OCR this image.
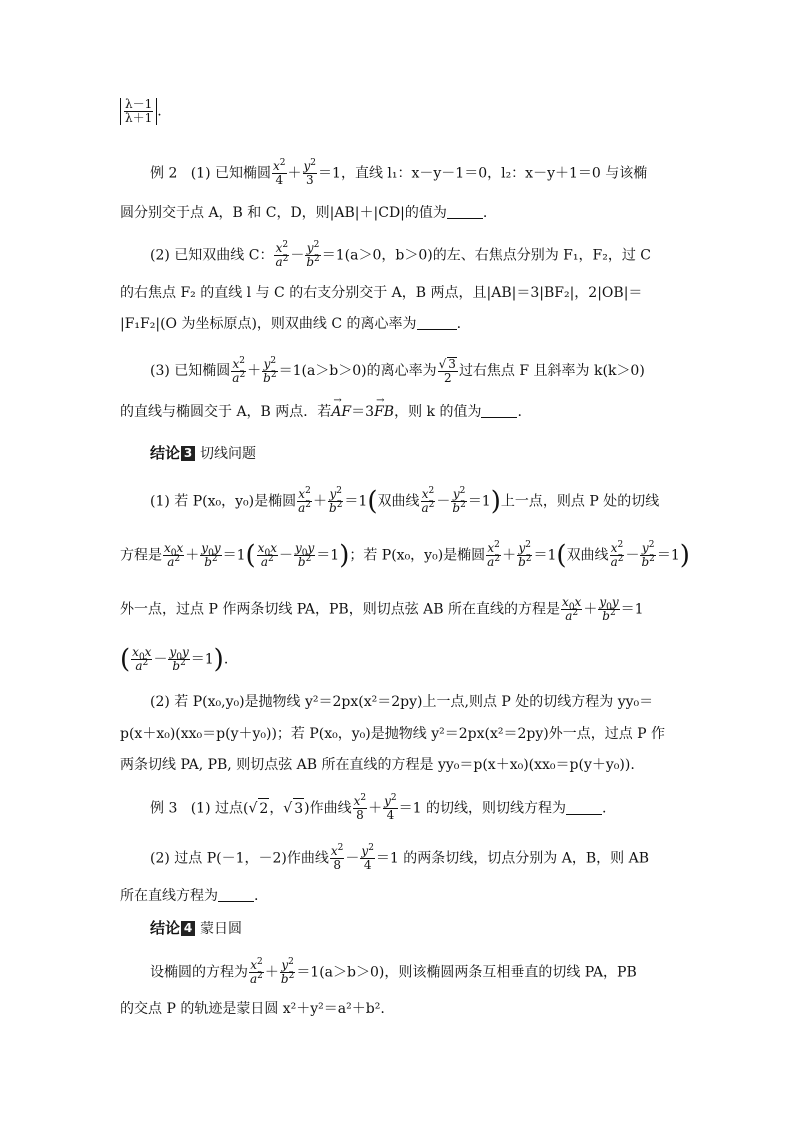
$\frac{\lambda-1}{\lambda+1}$ .
例 2 (1) 已知椭圆 $\frac{x^2}{4} + \frac{y^2}{3} =1$，直线 l₁：x－y－1＝0，l₂：x－y＋1＝0 与该椭
圆分别交于点 A，B 和 C，D，则|AB|＋|CD|的值为	.
(2) 已知双曲线 C： $\frac{x^2}{a^2} - \frac{y^2}{b^2} =1(a>0$，b＞0)的左、右焦点分别为 F₁，F₂，过 C
的右焦点 F₂ 的直线 l 与 C 的右支分别交于 A，B 两点，且|AB|＝3|BF₂|，2|OB|＝
|F₁F₂|(O 为坐标原点)，则双曲线 C 的离心率为	.
(3) 已知椭圆 $\frac{x^2}{a^2} + \frac{y^2}{b^2} =1(a>b>0)$的离心率为 $\frac{√ 3}{2}$ 过右焦点 F 且斜率为 k(k＞0)
的直线与椭圆交于 A，B 两点．若→ AF＝3→ FB，则 k 的值为	.
结论 3 切线问题
(1) 若 P(x₀，y₀)是椭圆 $\frac{x^2}{a^2} + \frac{y^2}{b^2} =1$(双曲线 $\frac{x^2}{a^2} - \frac{y^2}{b^2} =1$)上一点，则点 P 处的切线
方程是 $\frac{x_0x}{a^2} + \frac{y_0y}{b^2} =1( \frac{x_0x}{a^2} - \frac{y_0y}{b^2} =1)$；若 P(x₀，y₀)是椭圆 $\frac{x^2}{a^2} + \frac{y^2}{b^2} =1$(双曲线 $\frac{x^2}{a^2} - \frac{y^2}{b^2} =1$)
外一点，过点 P 作两条切线 PA，PB，则切点弦 AB 所在直线的方程是 $\frac{x_0x}{a^2} + \frac{y_0y}{b^2} =1$
( $\frac{x_0x}{a^2} - \frac{y_0y}{b^2} =1$).
(2) 若 P(x₀,y₀)是抛物线 y²＝2px(x²＝2py)上一点,则点 P 处的切线方程为 yy₀＝
p(x＋x₀)(xx₀＝p(y＋y₀))；若 P(x₀，y₀)是抛物线 y²＝2px(x²＝2py)外一点，过点 P 作
两条切线 PA, PB, 则切点弦 AB 所在直线的方程是 yy₀＝p(x＋x₀)(xx₀＝p(y＋y₀)).
例 3 (1) 过点(√ 2，√ 3)作曲线 $\frac{x^2}{8} + \frac{y^2}{4} =1$ 的切线，则切线方程为	.
(2) 过点 P(－1，－2)作曲线 $\frac{x^2}{8} - \frac{y^2}{4} =1$ 的两条切线，切点分别为 A，B，则 AB
所在直线方程为	.
结论 4 蒙日圆
设椭圆的方程为 $\frac{x^2}{a^2} + \frac{y^2}{b^2} =1(a>b>0)$，则该椭圆两条互相垂直的切线 PA，PB
的交点 P 的轨迹是蒙日圆 x²＋y²＝a²＋b².
